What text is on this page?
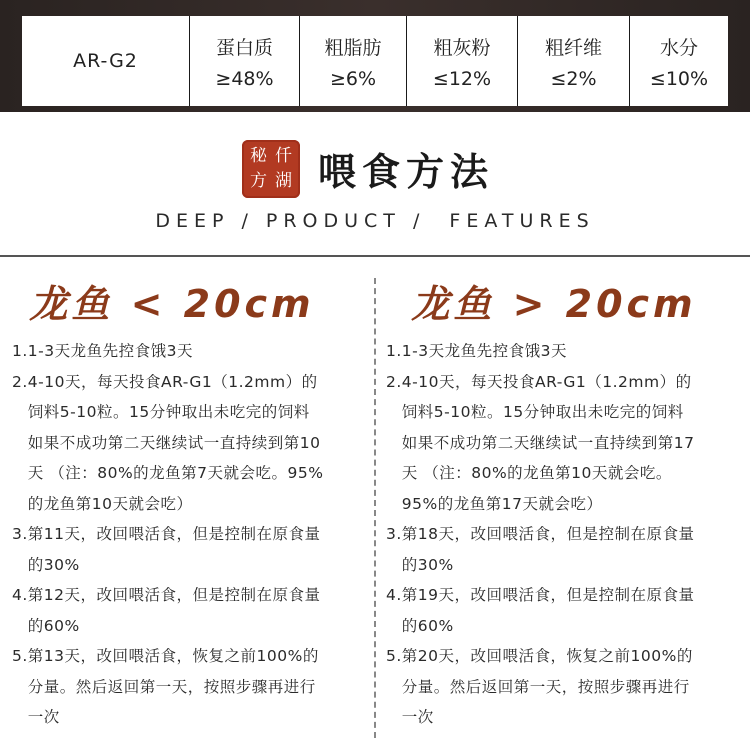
AR-G2
蛋白质
≥48%
粗脂肪
≥6%
粗灰粉
≤12%
粗纤维
≤2%
水分
≤10%
秘 仟
方 湖 喂食方法
DEEP / PRODUCT /  FEATURES
龙鱼 < 20cm
1. 1-3天龙鱼先控食饿3天
2. 4-10天，每天投食AR-G1（1.2mm）的
饲料5-10粒。15分钟取出未吃完的饲料
如果不成功第二天继续试一直持续到第10
天 （注：80%的龙鱼第7天就会吃。95%
的龙鱼第10天就会吃）
3. 第11天，改回喂活食，但是控制在原食量
的30%
4. 第12天，改回喂活食，但是控制在原食量
的60%
5. 第13天，改回喂活食，恢复之前100%的
分量。然后返回第一天，按照步骤再进行
一次
龙鱼 > 20cm
1. 1-3天龙鱼先控食饿3天
2. 4-10天，每天投食AR-G1（1.2mm）的
饲料5-10粒。15分钟取出未吃完的饲料
如果不成功第二天继续试一直持续到第17
天 （注：80%的龙鱼第10天就会吃。
95%的龙鱼第17天就会吃）
3. 第18天，改回喂活食，但是控制在原食量
的30%
4. 第19天，改回喂活食，但是控制在原食量
的60%
5. 第20天，改回喂活食，恢复之前100%的
分量。然后返回第一天，按照步骤再进行
一次
